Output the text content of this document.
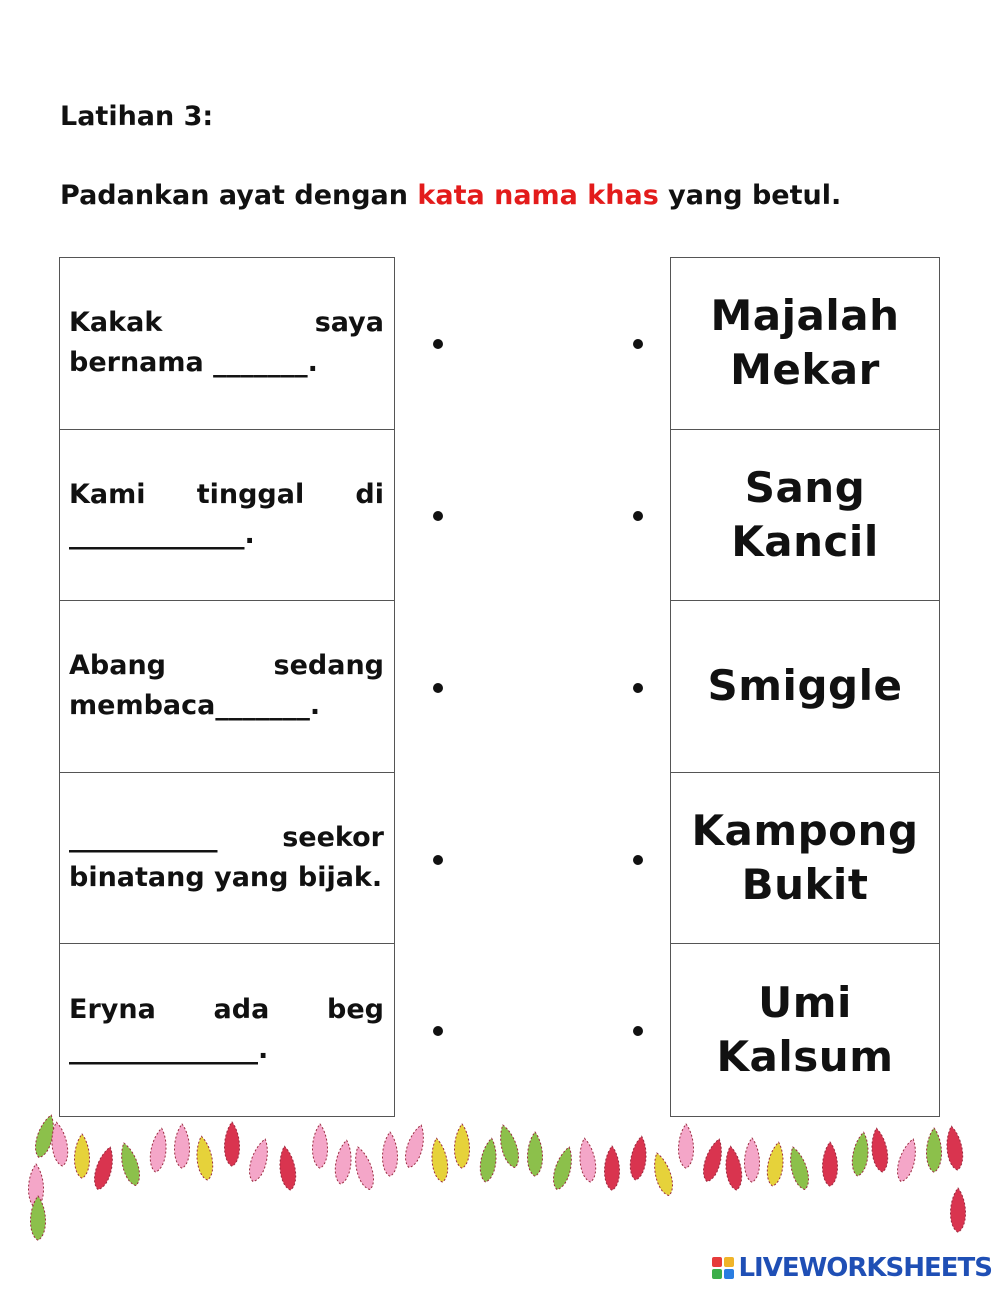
Latihan 3:
Padankan ayat dengan kata nama khas yang betul.
Kakak saya bernama _______.
Kami tinggal di _____________.
Abang sedang membaca_______.
___________ seekor binatang yang bijak.
Eryna ada beg ______________.
Majalah
Mekar
Sang
Kancil
Smiggle
Kampong
Bukit
Umi
Kalsum
LIVEWORKSHEETS
